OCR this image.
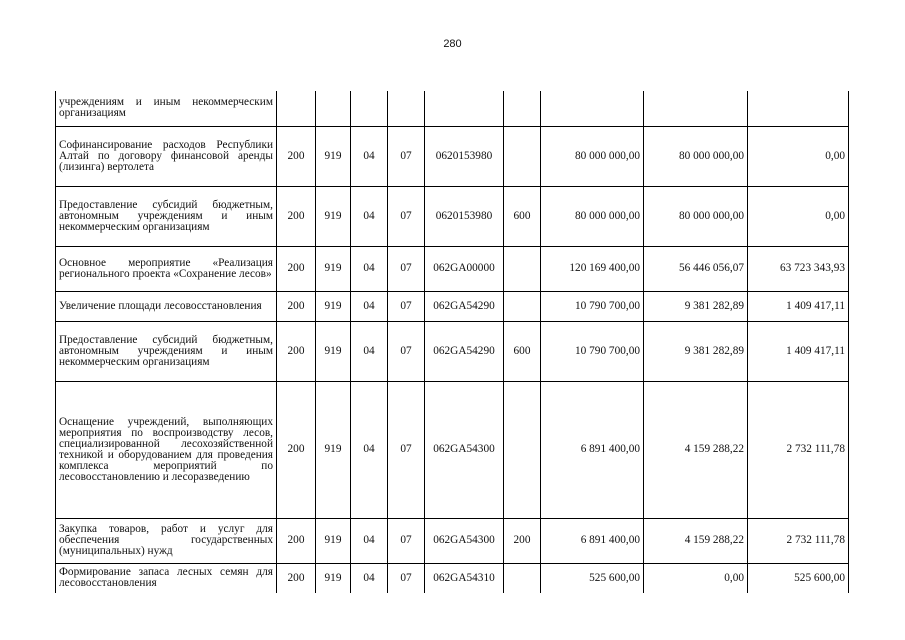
280
учреждениям и иным некоммерческим организациям									
Софинансирование расходов Республики Алтай по договору финансовой аренды (лизинга) вертолета	200	919	04	07	0620153980		80 000 000,00	80 000 000,00	0,00
Предоставление субсидий бюджетным, автономным учреждениям и иным некоммерческим организациям	200	919	04	07	0620153980	600	80 000 000,00	80 000 000,00	0,00
Основное мероприятие «Реализация регионального проекта «Сохранение лесов»	200	919	04	07	062GA00000		120 169 400,00	56 446 056,07	63 723 343,93
Увеличение площади лесовосстановления	200	919	04	07	062GA54290		10 790 700,00	9 381 282,89	1 409 417,11
Предоставление субсидий бюджетным, автономным учреждениям и иным некоммерческим организациям	200	919	04	07	062GA54290	600	10 790 700,00	9 381 282,89	1 409 417,11
Оснащение учреждений, выполняющих мероприятия по воспроизводству лесов, специализированной лесохозяйственной техникой и оборудованием для проведения комплекса мероприятий по лесовосстановлению и лесоразведению	200	919	04	07	062GA54300		6 891 400,00	4 159 288,22	2 732 111,78
Закупка товаров, работ и услуг для обеспечения государственных (муниципальных) нужд	200	919	04	07	062GA54300	200	6 891 400,00	4 159 288,22	2 732 111,78
Формирование запаса лесных семян для лесовосстановления	200	919	04	07	062GA54310		525 600,00	0,00	525 600,00
